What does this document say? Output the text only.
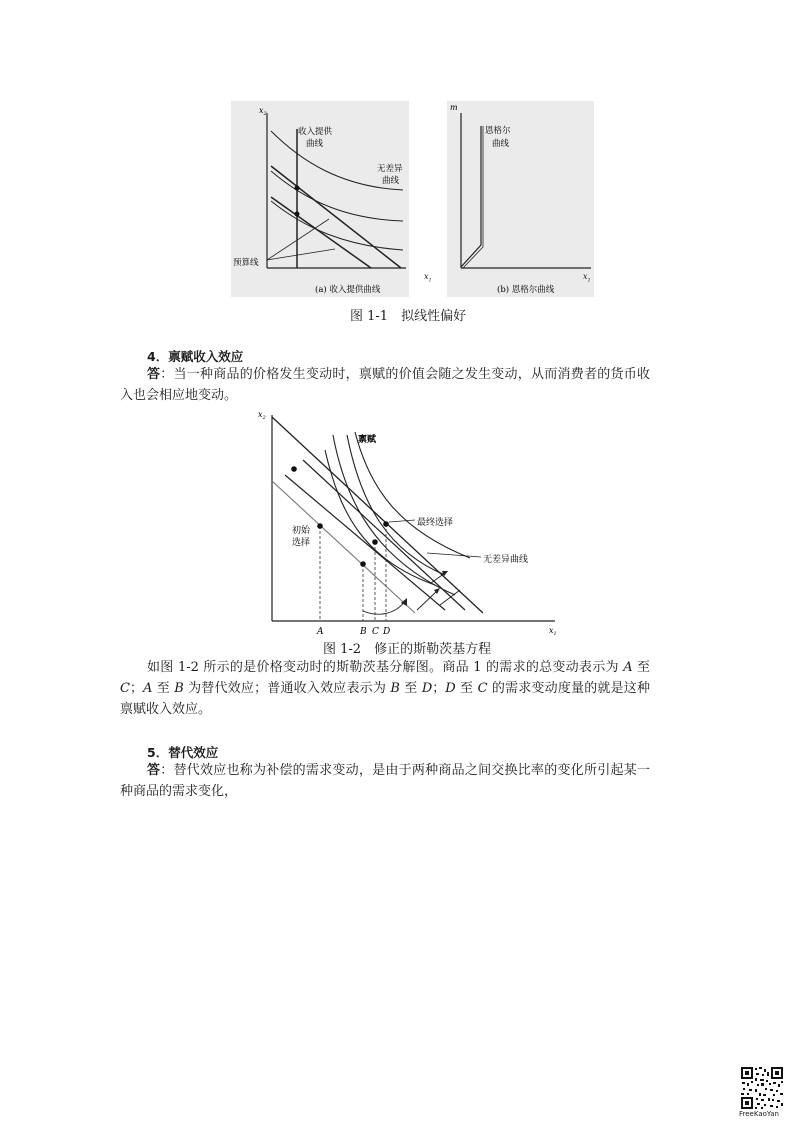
$x_2$
收入提供
曲线
无差异
曲线
预算线
(a) 收入提供曲线
$x_1$
m
恩格尔
曲线
(b) 恩格尔曲线
$x_1$
图 1-1　拟线性偏好
4．禀赋收入效应
答：当一种商品的价格发生变动时，禀赋的价值会随之发生变动，从而消费者的货币收入也会相应地变动。
$x_2$
$x_1$
禀赋
最终选择
初始
选择
无差异曲线
A	B C D
图 1-2　修正的斯勒茨基方程
如图 1-2 所示的是价格变动时的斯勒茨基分解图。商品 1 的需求的总变动表示为 A 至 C；A 至 B 为替代效应；普通收入效应表示为 B 至 D；D 至 C 的需求变动度量的就是这种禀赋收入效应。
5．替代效应
答：替代效应也称为补偿的需求变动，是由于两种商品之间交换比率的变化所引起某一种商品的需求变化，
FreeKaoYan
